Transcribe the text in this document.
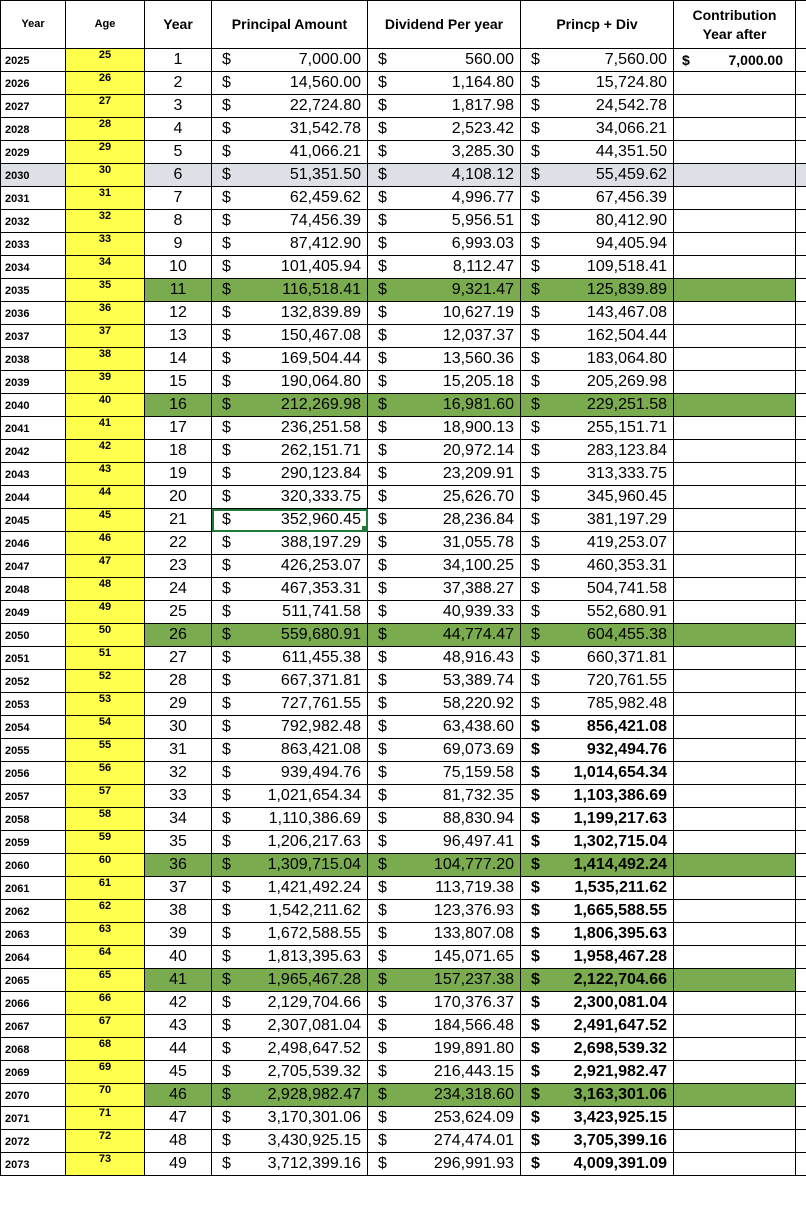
Year	Age	Year	Principal Amount	Dividend Per year	Princp + Div	Contribution Year after	
2025	25	1	$ 7,000.00	$ 560.00	$ 7,560.00	$ 7,000.00	

2026	26	2	$ 14,560.00	$ 1,164.80	$ 15,724.80		

2027	27	3	$ 22,724.80	$ 1,817.98	$ 24,542.78		

2028	28	4	$ 31,542.78	$ 2,523.42	$ 34,066.21		

2029	29	5	$ 41,066.21	$ 3,285.30	$ 44,351.50		

2030	30	6	$ 51,351.50	$ 4,108.12	$ 55,459.62		

2031	31	7	$ 62,459.62	$ 4,996.77	$ 67,456.39		

2032	32	8	$ 74,456.39	$ 5,956.51	$ 80,412.90		

2033	33	9	$ 87,412.90	$ 6,993.03	$ 94,405.94		

2034	34	10	$ 101,405.94	$ 8,112.47	$ 109,518.41		

2035	35	11	$ 116,518.41	$ 9,321.47	$ 125,839.89		

2036	36	12	$ 132,839.89	$ 10,627.19	$ 143,467.08		

2037	37	13	$ 150,467.08	$ 12,037.37	$ 162,504.44		

2038	38	14	$ 169,504.44	$ 13,560.36	$ 183,064.80		

2039	39	15	$ 190,064.80	$ 15,205.18	$ 205,269.98		

2040	40	16	$ 212,269.98	$ 16,981.60	$ 229,251.58		

2041	41	17	$ 236,251.58	$ 18,900.13	$ 255,151.71		

2042	42	18	$ 262,151.71	$ 20,972.14	$ 283,123.84		

2043	43	19	$ 290,123.84	$ 23,209.91	$ 313,333.75		

2044	44	20	$ 320,333.75	$ 25,626.70	$ 345,960.45		

2045	45	21	$ 352,960.45	$ 28,236.84	$ 381,197.29		

2046	46	22	$ 388,197.29	$ 31,055.78	$ 419,253.07		

2047	47	23	$ 426,253.07	$ 34,100.25	$ 460,353.31		

2048	48	24	$ 467,353.31	$ 37,388.27	$ 504,741.58		

2049	49	25	$ 511,741.58	$ 40,939.33	$ 552,680.91		

2050	50	26	$ 559,680.91	$ 44,774.47	$ 604,455.38		

2051	51	27	$ 611,455.38	$ 48,916.43	$ 660,371.81		

2052	52	28	$ 667,371.81	$ 53,389.74	$ 720,761.55		

2053	53	29	$ 727,761.55	$ 58,220.92	$ 785,982.48		

2054	54	30	$ 792,982.48	$ 63,438.60	$ 856,421.08		

2055	55	31	$ 863,421.08	$ 69,073.69	$ 932,494.76		

2056	56	32	$ 939,494.76	$ 75,159.58	$ 1,014,654.34		

2057	57	33	$ 1,021,654.34	$ 81,732.35	$ 1,103,386.69		

2058	58	34	$ 1,110,386.69	$ 88,830.94	$ 1,199,217.63		

2059	59	35	$ 1,206,217.63	$ 96,497.41	$ 1,302,715.04		

2060	60	36	$ 1,309,715.04	$ 104,777.20	$ 1,414,492.24		

2061	61	37	$ 1,421,492.24	$ 113,719.38	$ 1,535,211.62		

2062	62	38	$ 1,542,211.62	$ 123,376.93	$ 1,665,588.55		

2063	63	39	$ 1,672,588.55	$ 133,807.08	$ 1,806,395.63		

2064	64	40	$ 1,813,395.63	$ 145,071.65	$ 1,958,467.28		

2065	65	41	$ 1,965,467.28	$ 157,237.38	$ 2,122,704.66		

2066	66	42	$ 2,129,704.66	$ 170,376.37	$ 2,300,081.04		

2067	67	43	$ 2,307,081.04	$ 184,566.48	$ 2,491,647.52		

2068	68	44	$ 2,498,647.52	$ 199,891.80	$ 2,698,539.32		

2069	69	45	$ 2,705,539.32	$ 216,443.15	$ 2,921,982.47		

2070	70	46	$ 2,928,982.47	$ 234,318.60	$ 3,163,301.06		

2071	71	47	$ 3,170,301.06	$ 253,624.09	$ 3,423,925.15		

2072	72	48	$ 3,430,925.15	$ 274,474.01	$ 3,705,399.16		

2073	73	49	$ 3,712,399.16	$ 296,991.93	$ 4,009,391.09		
